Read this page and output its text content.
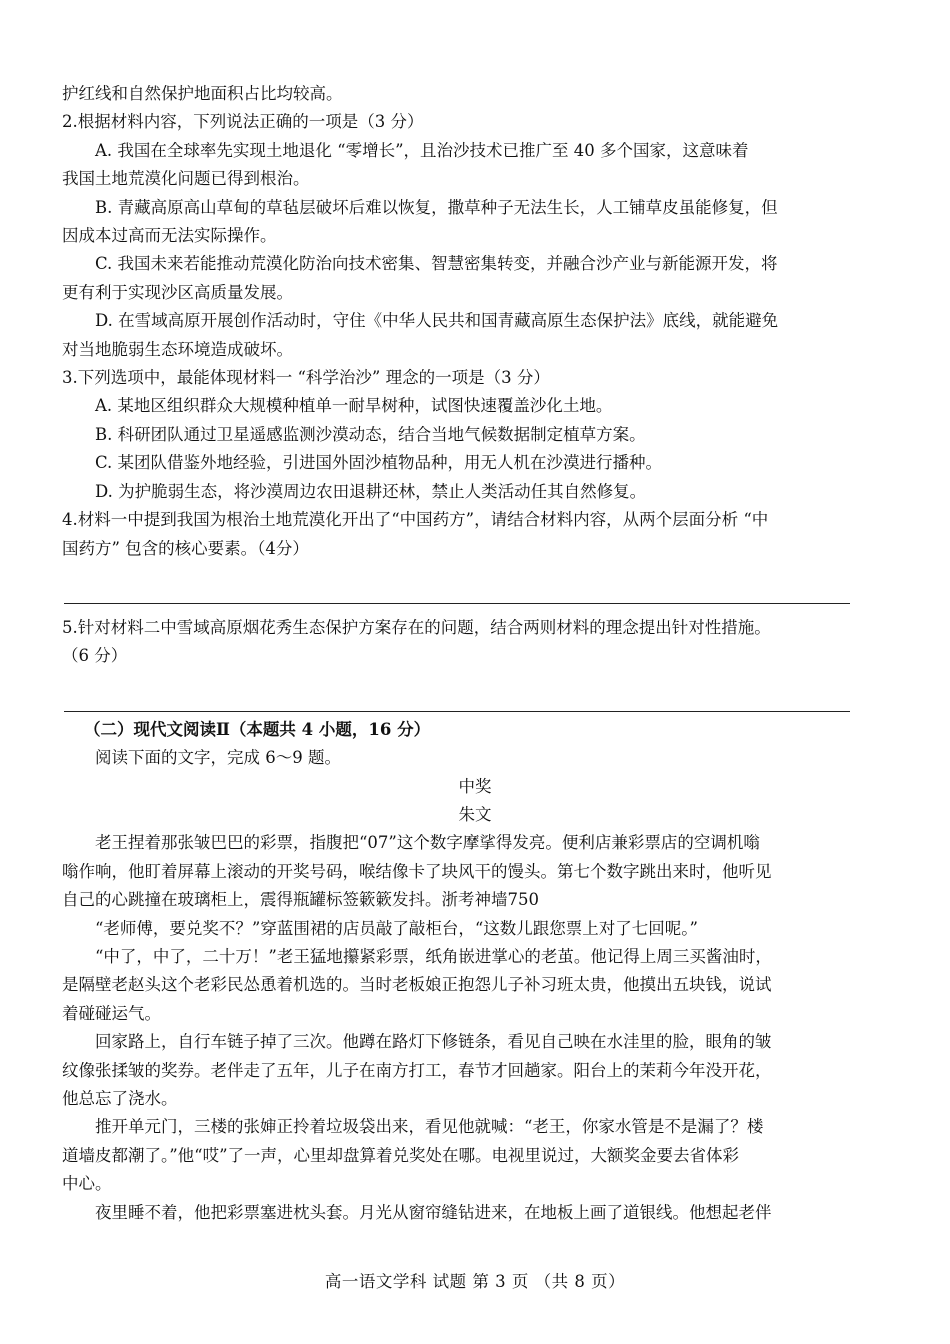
护红线和自然保护地面积占比均较高。
2.根据材料内容，下列说法正确的一项是（3 分）
A. 我国在全球率先实现土地退化 “零增长”，且治沙技术已推广至 40 多个国家，这意味着
我国土地荒漠化问题已得到根治。
B. 青藏高原高山草甸的草毡层破坏后难以恢复，撒草种子无法生长，人工铺草皮虽能修复，但
因成本过高而无法实际操作。
C. 我国未来若能推动荒漠化防治向技术密集、智慧密集转变，并融合沙产业与新能源开发，将
更有利于实现沙区高质量发展。
D. 在雪域高原开展创作活动时，守住《中华人民共和国青藏高原生态保护法》底线，就能避免
对当地脆弱生态环境造成破坏。
3.下列选项中，最能体现材料一 “科学治沙” 理念的一项是（3 分）
A. 某地区组织群众大规模种植单一耐旱树种，试图快速覆盖沙化土地。
B. 科研团队通过卫星遥感监测沙漠动态，结合当地气候数据制定植草方案。
C. 某团队借鉴外地经验，引进国外固沙植物品种，用无人机在沙漠进行播种。
D. 为护脆弱生态，将沙漠周边农田退耕还林，禁止人类活动任其自然修复。
4.材料一中提到我国为根治土地荒漠化开出了“中国药方”，请结合材料内容，从两个层面分析 “中
国药方” 包含的核心要素。（4分）
5.针对材料二中雪域高原烟花秀生态保护方案存在的问题，结合两则材料的理念提出针对性措施。
（6 分）
（二）现代文阅读Ⅱ（本题共 4 小题，16 分）
阅读下面的文字，完成 6～9 题。
中奖
朱文
老王捏着那张皱巴巴的彩票，指腹把“07”这个数字摩挲得发亮。便利店兼彩票店的空调机嗡
嗡作响，他盯着屏幕上滚动的开奖号码，喉结像卡了块风干的馒头。第七个数字跳出来时，他听见
自己的心跳撞在玻璃柜上，震得瓶罐标签簌簌发抖。浙考神墙750
“老师傅，要兑奖不？”穿蓝围裙的店员敲了敲柜台，“这数儿跟您票上对了七回呢。”
“中了，中了，二十万！”老王猛地攥紧彩票，纸角嵌进掌心的老茧。他记得上周三买酱油时，
是隔壁老赵头这个老彩民怂恿着机选的。当时老板娘正抱怨儿子补习班太贵，他摸出五块钱，说试
着碰碰运气。
回家路上，自行车链子掉了三次。他蹲在路灯下修链条，看见自己映在水洼里的脸，眼角的皱
纹像张揉皱的奖券。老伴走了五年，儿子在南方打工，春节才回趟家。阳台上的茉莉今年没开花，
他总忘了浇水。
推开单元门，三楼的张婶正拎着垃圾袋出来，看见他就喊：“老王，你家水管是不是漏了？楼
道墙皮都潮了。”他“哎”了一声，心里却盘算着兑奖处在哪。电视里说过，大额奖金要去省体彩
中心。
夜里睡不着，他把彩票塞进枕头套。月光从窗帘缝钻进来，在地板上画了道银线。他想起老伴
高一语文学科 试题 第 3 页 （共 8 页）
